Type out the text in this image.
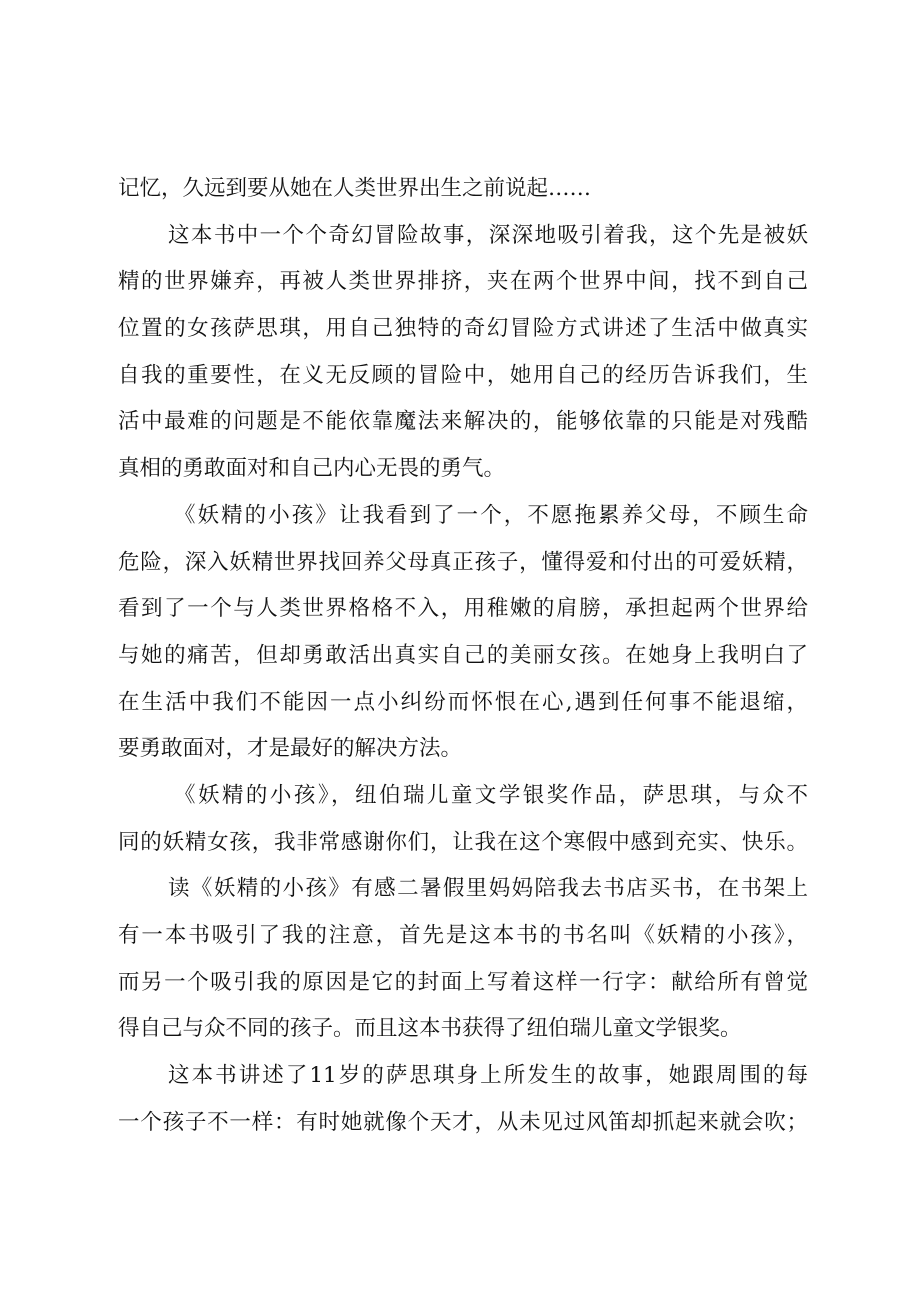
记忆，久远到要从她在人类世界出生之前说起……
这本书中一个个奇幻冒险故事，深深地吸引着我，这个先是被妖
精的世界嫌弃，再被人类世界排挤，夹在两个世界中间，找不到自己
位置的女孩萨思琪，用自己独特的奇幻冒险方式讲述了生活中做真实
自我的重要性，在义无反顾的冒险中，她用自己的经历告诉我们，生
活中最难的问题是不能依靠魔法来解决的，能够依靠的只能是对残酷
真相的勇敢面对和自己内心无畏的勇气。
《妖精的小孩》让我看到了一个，不愿拖累养父母，不顾生命
危险，深入妖精世界找回养父母真正孩子，懂得爱和付出的可爱妖精，
看到了一个与人类世界格格不入，用稚嫩的肩膀，承担起两个世界给
与她的痛苦，但却勇敢活出真实自己的美丽女孩。在她身上我明白了
在生活中我们不能因一点小纠纷而怀恨在心,遇到任何事不能退缩，
要勇敢面对，才是最好的解决方法。
《妖精的小孩》，纽伯瑞儿童文学银奖作品，萨思琪，与众不
同的妖精女孩，我非常感谢你们，让我在这个寒假中感到充实、快乐。
读《妖精的小孩》有感二暑假里妈妈陪我去书店买书，在书架上
有一本书吸引了我的注意，首先是这本书的书名叫《妖精的小孩》，
而另一个吸引我的原因是它的封面上写着这样一行字：献给所有曾觉
得自己与众不同的孩子。而且这本书获得了纽伯瑞儿童文学银奖。
这本书讲述了11岁的萨思琪身上所发生的故事，她跟周围的每
一个孩子不一样：有时她就像个天才，从未见过风笛却抓起来就会吹；
